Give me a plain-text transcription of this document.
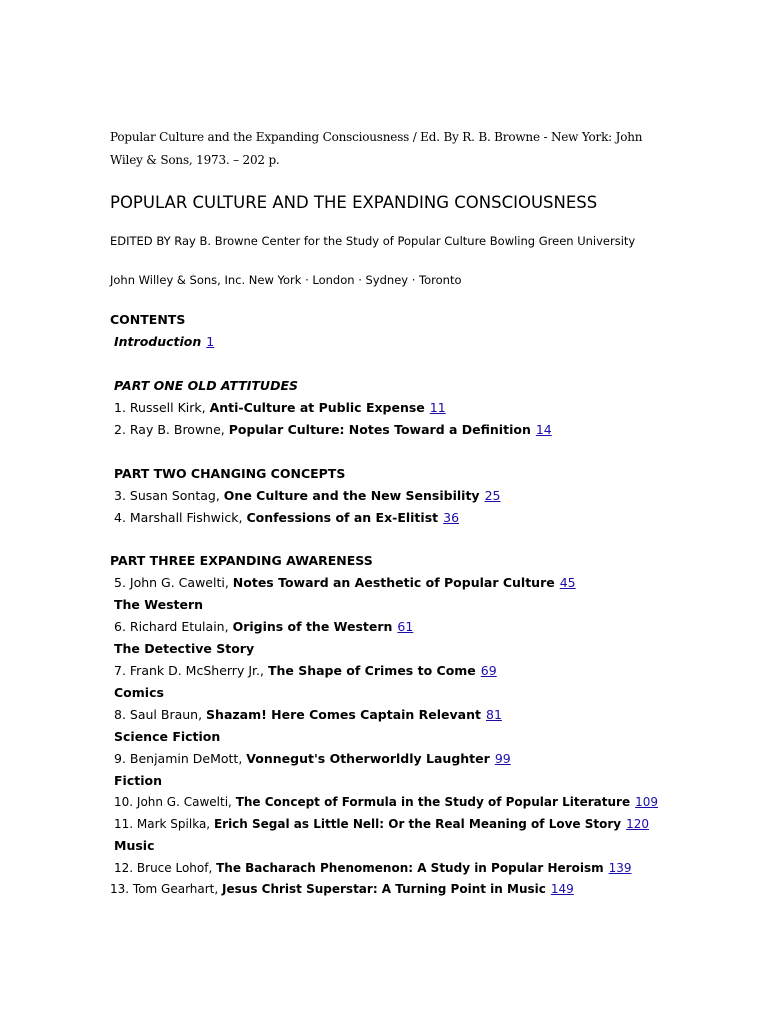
Popular Culture and the Expanding Consciousness / Ed. By R. B. Browne - New York: John Wiley & Sons, 1973. – 202 p.
POPULAR CULTURE AND THE EXPANDING CONSCIOUSNESS
EDITED BY Ray B. Browne Center for the Study of Popular Culture Bowling Green University
John Willey & Sons, Inc. New York · London · Sydney · Toronto
CONTENTS
Introduction 1
PART ONE OLD ATTITUDES
1. Russell Kirk, Anti-Culture at Public Expense 11
2. Ray B. Browne, Popular Culture: Notes Toward a Definition 14
PART TWO CHANGING CONCEPTS
3. Susan Sontag, One Culture and the New Sensibility 25
4. Marshall Fishwick, Confessions of an Ex-Elitist 36
PART THREE EXPANDING AWARENESS
5. John G. Cawelti, Notes Toward an Aesthetic of Popular Culture 45
The Western
6. Richard Etulain, Origins of the Western 61
The Detective Story
7. Frank D. McSherry Jr., The Shape of Crimes to Come 69
Comics
8. Saul Braun, Shazam! Here Comes Captain Relevant 81
Science Fiction
9. Benjamin DeMott, Vonnegut's Otherworldly Laughter 99
Fiction
10. John G. Cawelti, The Concept of Formula in the Study of Popular Literature 109
11. Mark Spilka, Erich Segal as Little Nell: Or the Real Meaning of Love Story 120
Music
12. Bruce Lohof, The Bacharach Phenomenon: A Study in Popular Heroism 139
13. Tom Gearhart, Jesus Christ Superstar: A Turning Point in Music 149
